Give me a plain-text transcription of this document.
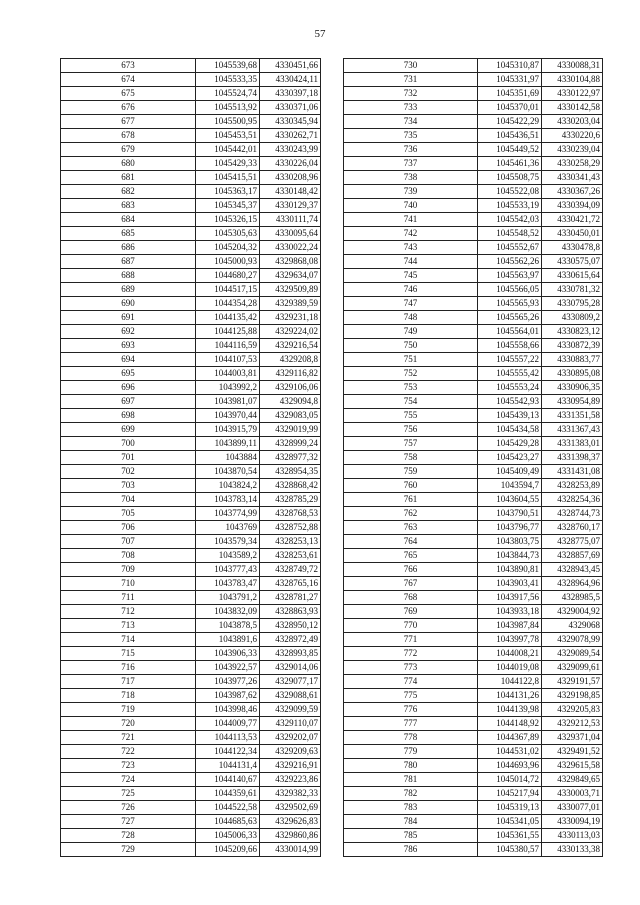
57
673	1045539,68	4330451,66
674	1045533,35	4330424,11
675	1045524,74	4330397,18
676	1045513,92	4330371,06
677	1045500,95	4330345,94
678	1045453,51	4330262,71
679	1045442,01	4330243,99
680	1045429,33	4330226,04
681	1045415,51	4330208,96
682	1045363,17	4330148,42
683	1045345,37	4330129,37
684	1045326,15	4330111,74
685	1045305,63	4330095,64
686	1045204,32	4330022,24
687	1045000,93	4329868,08
688	1044680,27	4329634,07
689	1044517,15	4329509,89
690	1044354,28	4329389,59
691	1044135,42	4329231,18
692	1044125,88	4329224,02
693	1044116,59	4329216,54
694	1044107,53	4329208,8
695	1044003,81	4329116,82
696	1043992,2	4329106,06
697	1043981,07	4329094,8
698	1043970,44	4329083,05
699	1043915,79	4329019,99
700	1043899,11	4328999,24
701	1043884	4328977,32
702	1043870,54	4328954,35
703	1043824,2	4328868,42
704	1043783,14	4328785,29
705	1043774,99	4328768,53
706	1043769	4328752,88
707	1043579,34	4328253,13
708	1043589,2	4328253,61
709	1043777,43	4328749,72
710	1043783,47	4328765,16
711	1043791,2	4328781,27
712	1043832,09	4328863,93
713	1043878,5	4328950,12
714	1043891,6	4328972,49
715	1043906,33	4328993,85
716	1043922,57	4329014,06
717	1043977,26	4329077,17
718	1043987,62	4329088,61
719	1043998,46	4329099,59
720	1044009,77	4329110,07
721	1044113,53	4329202,07
722	1044122,34	4329209,63
723	1044131,4	4329216,91
724	1044140,67	4329223,86
725	1044359,61	4329382,33
726	1044522,58	4329502,69
727	1044685,63	4329626,83
728	1045006,33	4329860,86
729	1045209,66	4330014,99
730	1045310,87	4330088,31
731	1045331,97	4330104,88
732	1045351,69	4330122,97
733	1045370,01	4330142,58
734	1045422,29	4330203,04
735	1045436,51	4330220,6
736	1045449,52	4330239,04
737	1045461,36	4330258,29
738	1045508,75	4330341,43
739	1045522,08	4330367,26
740	1045533,19	4330394,09
741	1045542,03	4330421,72
742	1045548,52	4330450,01
743	1045552,67	4330478,8
744	1045562,26	4330575,07
745	1045563,97	4330615,64
746	1045566,05	4330781,32
747	1045565,93	4330795,28
748	1045565,26	4330809,2
749	1045564,01	4330823,12
750	1045558,66	4330872,39
751	1045557,22	4330883,77
752	1045555,42	4330895,08
753	1045553,24	4330906,35
754	1045542,93	4330954,89
755	1045439,13	4331351,58
756	1045434,58	4331367,43
757	1045429,28	4331383,01
758	1045423,27	4331398,37
759	1045409,49	4331431,08
760	1043594,7	4328253,89
761	1043604,55	4328254,36
762	1043790,51	4328744,73
763	1043796,77	4328760,17
764	1043803,75	4328775,07
765	1043844,73	4328857,69
766	1043890,81	4328943,45
767	1043903,41	4328964,96
768	1043917,56	4328985,5
769	1043933,18	4329004,92
770	1043987,84	4329068
771	1043997,78	4329078,99
772	1044008,21	4329089,54
773	1044019,08	4329099,61
774	1044122,8	4329191,57
775	1044131,26	4329198,85
776	1044139,98	4329205,83
777	1044148,92	4329212,53
778	1044367,89	4329371,04
779	1044531,02	4329491,52
780	1044693,96	4329615,58
781	1045014,72	4329849,65
782	1045217,94	4330003,71
783	1045319,13	4330077,01
784	1045341,05	4330094,19
785	1045361,55	4330113,03
786	1045380,57	4330133,38
